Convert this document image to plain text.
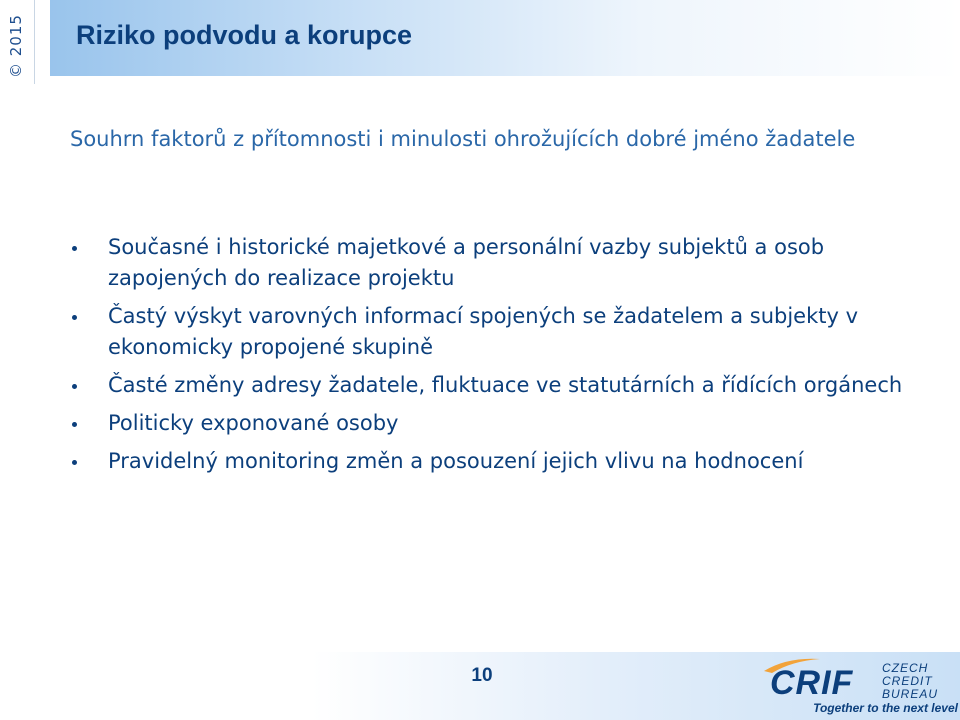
© 2015 Riziko podvodu a korupce

Souhrn faktorů z přítomnosti i minulosti ohrožujících dobré jméno žadatele

Současné i historické majetkové a personální vazby subjektů a osob zapojených do realizace projektu
Častý výskyt varovných informací spojených se žadatelem a subjekty v ekonomicky propojené skupině
Časté změny adresy žadatele, fluktuace ve statutárních a řídících orgánech
Politicky exponované osoby
Pravidelný monitoring změn a posouzení jejich vlivu na hodnocení
10	CRIF CZECH
CREDIT
BUREAU
Together to the next level
